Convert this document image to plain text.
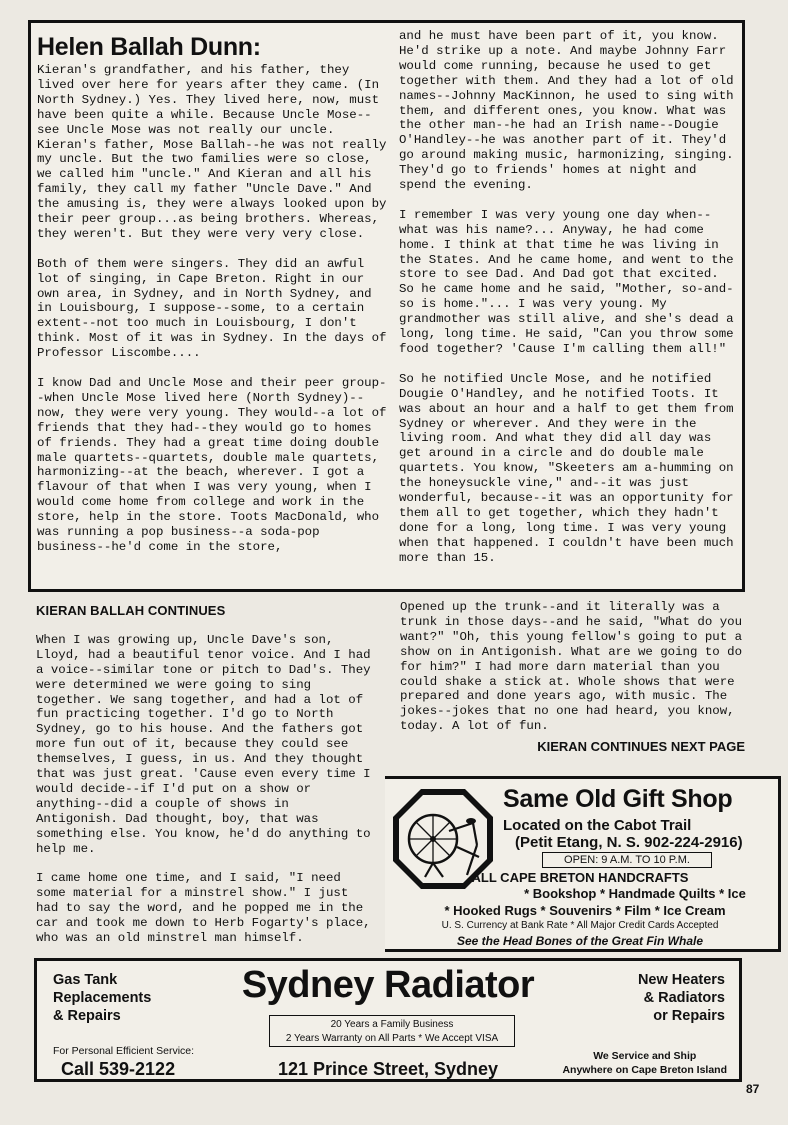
Helen Ballah Dunn:

Kieran's grandfather, and his father, they lived over here for years after they came. (In North Sydney.) Yes. They lived here, now, must have been quite a while. Because Uncle Mose--see Uncle Mose was not really our uncle. Kieran's father, Mose Ballah--he was not really my uncle. But the two families were so close, we called him "uncle." And Kieran and all his family, they call my father "Uncle Dave." And the amusing is, they were always looked upon by their peer group...as being brothers. Whereas, they weren't. But they were very very close.

Both of them were singers. They did an awful lot of singing, in Cape Breton. Right in our own area, in Sydney, and in North Sydney, and in Louisbourg, I suppose--some, to a certain extent--not too much in Louisbourg, I don't think. Most of it was in Sydney. In the days of Professor Liscombe....

I know Dad and Uncle Mose and their peer group--when Uncle Mose lived here (North Sydney)--now, they were very young. They would--a lot of friends that they had--they would go to homes of friends. They had a great time doing double male quartets--quartets, double male quartets, harmonizing--at the beach, wherever. I got a flavour of that when I was very young, when I would come home from college and work in the store, help in the store. Toots MacDonald, who was running a pop business--a soda-pop business--he'd come in the store,

and he must have been part of it, you know. He'd strike up a note. And maybe Johnny Farr would come running, because he used to get together with them. And they had a lot of old names--Johnny MacKinnon, he used to sing with them, and different ones, you know. What was the other man--he had an Irish name--Dougie O'Handley--he was another part of it. They'd go around making music, harmonizing, singing. They'd go to friends' homes at night and spend the evening.

I remember I was very young one day when--what was his name?... Anyway, he had come home. I think at that time he was living in the States. And he came home, and went to the store to see Dad. And Dad got that excited. So he came home and he said, "Mother, so-and-so is home."... I was very young. My grandmother was still alive, and she's dead a long, long time. He said, "Can you throw some food together? 'Cause I'm calling them all!"

So he notified Uncle Mose, and he notified Dougie O'Handley, and he notified Toots. It was about an hour and a half to get them from Sydney or wherever. And they were in the living room. And what they did all day was get around in a circle and do double male quartets. You know, "Skeeters am a-humming on the honeysuckle vine," and--it was just wonderful, because--it was an opportunity for them all to get together, which they hadn't done for a long, long time. I was very young when that happened. I couldn't have been much more than 15.

KIERAN BALLAH CONTINUES

When I was growing up, Uncle Dave's son, Lloyd, had a beautiful tenor voice. And I had a voice--similar tone or pitch to Dad's. They were determined we were going to sing together. We sang together, and had a lot of fun practicing together. I'd go to North Sydney, go to his house. And the fathers got more fun out of it, because they could see themselves, I guess, in us. And they thought that was just great. 'Cause even every time I would decide--if I'd put on a show or anything--did a couple of shows in Antigonish. Dad thought, boy, that was something else. You know, he'd do anything to help me.

I came home one time, and I said, "I need some material for a minstrel show." I just had to say the word, and he popped me in the car and took me down to Herb Fogarty's place, who was an old minstrel man himself.

Opened up the trunk--and it literally was a trunk in those days--and he said, "What do you want?" "Oh, this young fellow's going to put a show on in Antigonish. What are we going to do for him?" I had more darn material than you could shake a stick at. Whole shows that were prepared and done years ago, with music. The jokes--jokes that no one had heard, you know, today. A lot of fun.

KIERAN CONTINUES NEXT PAGE
Same Old Gift Shop
Located on the Cabot Trail
(Petit Etang, N. S. 902-224-2916)
OPEN: 9 A.M. TO 10 P.M.
ALL CAPE BRETON HANDCRAFTS
* Bookshop * Handmade Quilts * Ice
* Hooked Rugs * Souvenirs * Film * Ice Cream
U. S. Currency at Bank Rate * All Major Credit Cards Accepted
See the Head Bones of the Great Fin Whale
Sydney Radiator
Gas Tank
Replacements
& Repairs
New Heaters
& Radiators
or Repairs
20 Years a Family Business
2 Years Warranty on All Parts * We Accept VISA
For Personal Efficient Service:
Call 539-2122	121 Prince Street, Sydney
We Service and Ship
Anywhere on Cape Breton Island
87
